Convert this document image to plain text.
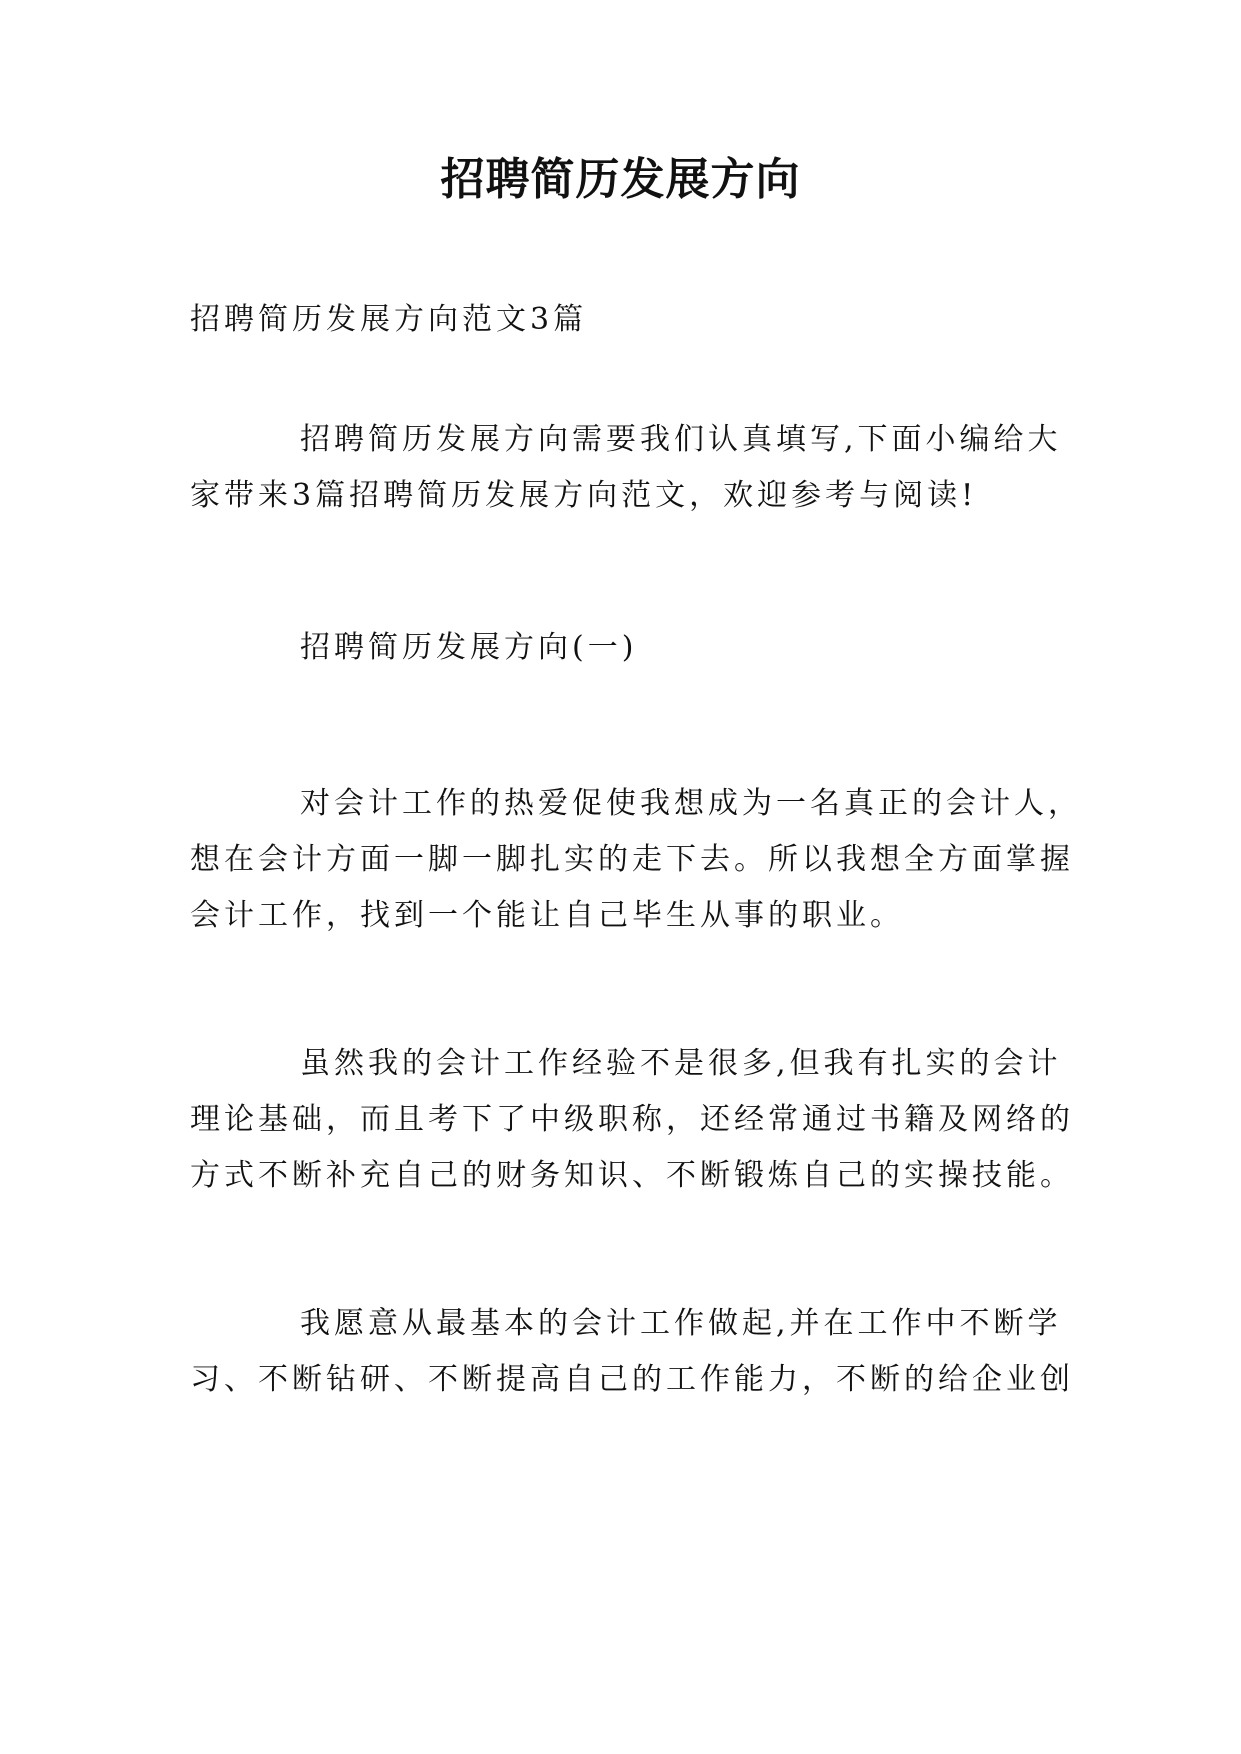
招聘简历发展方向
招聘简历发展方向范文3篇
招聘简历发展方向需要我们认真填写,下面小编给大
家带来3篇招聘简历发展方向范文，欢迎参考与阅读!
招聘简历发展方向(一)
对会计工作的热爱促使我想成为一名真正的会计人，
想在会计方面一脚一脚扎实的走下去。所以我想全方面掌握
会计工作，找到一个能让自己毕生从事的职业。
虽然我的会计工作经验不是很多,但我有扎实的会计
理论基础，而且考下了中级职称，还经常通过书籍及网络的
方式不断补充自己的财务知识、不断锻炼自己的实操技能。
我愿意从最基本的会计工作做起,并在工作中不断学
习、不断钻研、不断提高自己的工作能力，不断的给企业创
